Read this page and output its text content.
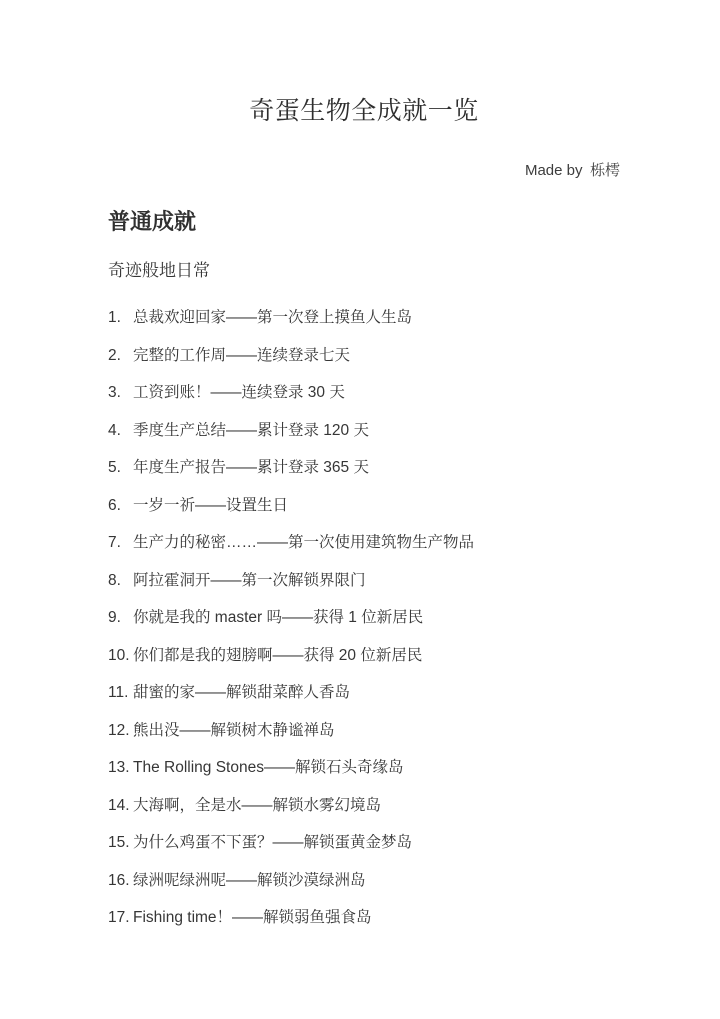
奇蛋生物全成就一览

Made by 栎樗

普通成就
奇迹般地日常
1. 总裁欢迎回家——第一次登上摸鱼人生岛
2. 完整的工作周——连续登录七天
3. 工资到账！——连续登录 30 天
4. 季度生产总结——累计登录 120 天
5. 年度生产报告——累计登录 365 天
6. 一岁一祈——设置生日
7. 生产力的秘密……——第一次使用建筑物生产物品
8. 阿拉霍洞开——第一次解锁界限门
9. 你就是我的 master 吗——获得 1 位新居民
10. 你们都是我的翅膀啊——获得 20 位新居民
11. 甜蜜的家——解锁甜菜醉人香岛
12. 熊出没——解锁树木静谧禅岛
13. The Rolling Stones——解锁石头奇缘岛
14. 大海啊，全是水——解锁水雾幻境岛
15. 为什么鸡蛋不下蛋？——解锁蛋黄金梦岛
16. 绿洲呢绿洲呢——解锁沙漠绿洲岛
17. Fishing time！——解锁弱鱼强食岛
